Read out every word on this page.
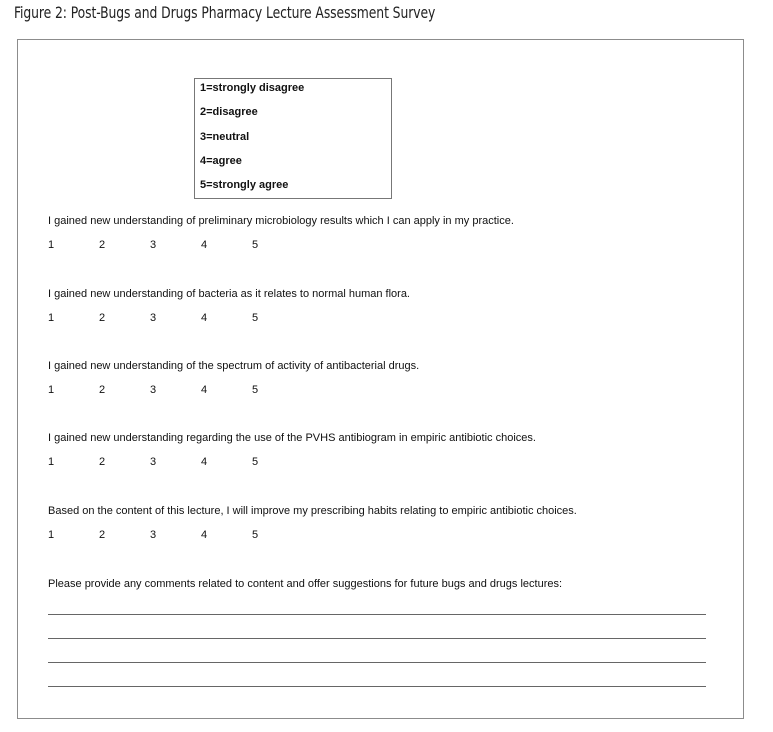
Figure 2: Post-Bugs and Drugs Pharmacy Lecture Assessment Survey
1=strongly disagree
2=disagree
3=neutral
4=agree
5=strongly agree
I gained new understanding of preliminary microbiology results which I can apply in my practice.
1	2	3	4	5
I gained new understanding of bacteria as it relates to normal human flora.
1	2	3	4	5
I gained new understanding of the spectrum of activity of antibacterial drugs.
1	2	3	4	5
I gained new understanding regarding the use of the PVHS antibiogram in empiric antibiotic choices.
1	2	3	4	5
Based on the content of this lecture, I will improve my prescribing habits relating to empiric antibiotic choices.
1	2	3	4	5
Please provide any comments related to content and offer suggestions for future bugs and drugs lectures:
